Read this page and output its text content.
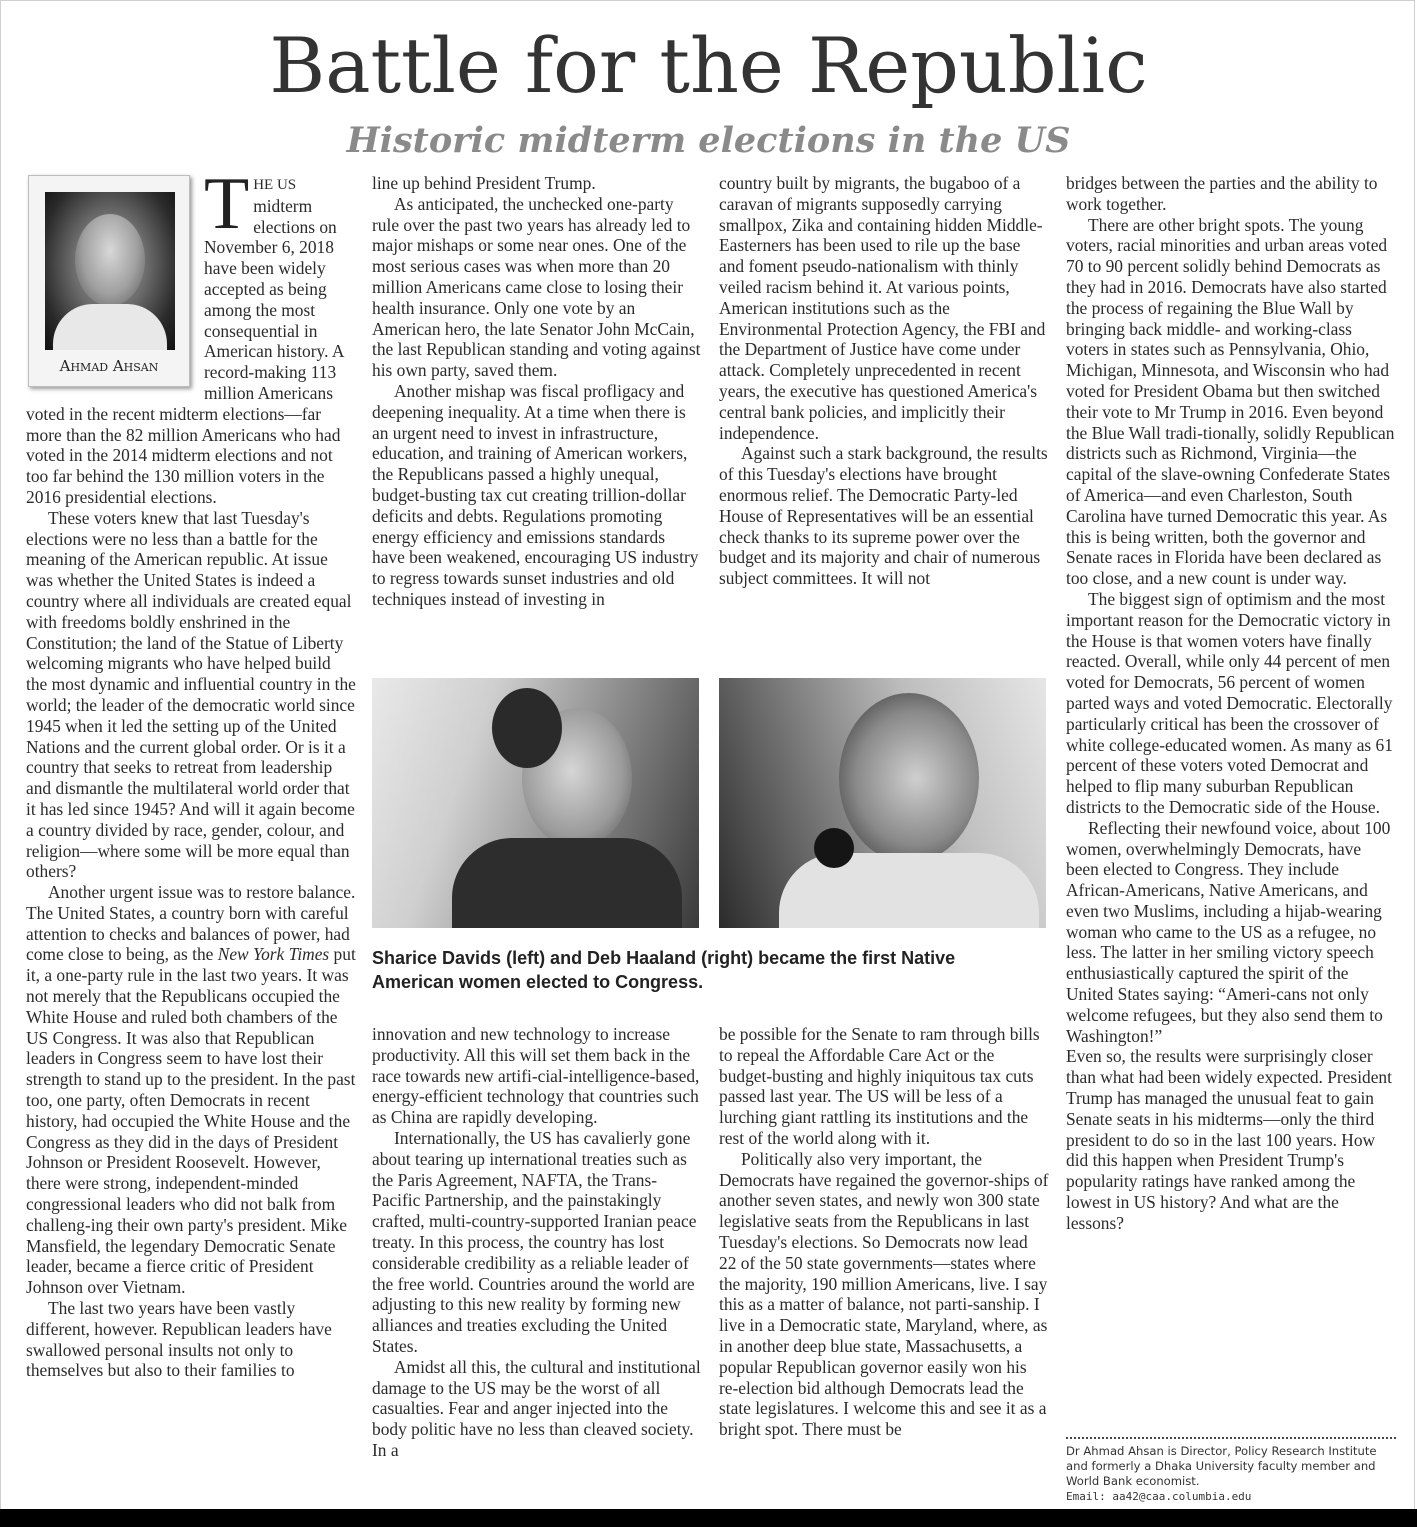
Battle for the Republic
Historic midterm elections in the US
Ahmad Ahsan

THE US midterm elections on November 6, 2018 have been widely accepted as being among the most consequential in American history. A record-making 113 million Americans voted in the recent midterm elections—far more than the 82 million Americans who had voted in the 2014 midterm elections and not too far behind the 130 million voters in the 2016 presidential elections.

These voters knew that last Tuesday's elections were no less than a battle for the meaning of the American republic. At issue was whether the United States is indeed a country where all individuals are created equal with freedoms boldly enshrined in the Constitution; the land of the Statue of Liberty welcoming migrants who have helped build the most dynamic and influential country in the world; the leader of the democratic world since 1945 when it led the setting up of the United Nations and the current global order. Or is it a country that seeks to retreat from leadership and dismantle the multilateral world order that it has led since 1945? And will it again become a country divided by race, gender, colour, and religion—where some will be more equal than others?

Another urgent issue was to restore balance. The United States, a country born with careful attention to checks and balances of power, had come close to being, as the New York Times put it, a one-party rule in the last two years. It was not merely that the Republicans occupied the White House and ruled both chambers of the US Congress. It was also that Republican leaders in Congress seem to have lost their strength to stand up to the president. In the past too, one party, often Democrats in recent history, had occupied the White House and the Congress as they did in the days of President Johnson or President Roosevelt. However, there were strong, independent-minded congressional leaders who did not balk from challeng-ing their own party's president. Mike Mansfield, the legendary Democratic Senate leader, became a fierce critic of President Johnson over Vietnam.

The last two years have been vastly different, however. Republican leaders have swallowed personal insults not only to themselves but also to their families to

line up behind President Trump.

As anticipated, the unchecked one-party rule over the past two years has already led to major mishaps or some near ones. One of the most serious cases was when more than 20 million Americans came close to losing their health insurance. Only one vote by an American hero, the late Senator John McCain, the last Republican standing and voting against his own party, saved them.

Another mishap was fiscal profligacy and deepening inequality. At a time when there is an urgent need to invest in infrastructure, education, and training of American workers, the Republicans passed a highly unequal, budget-busting tax cut creating trillion-dollar deficits and debts. Regulations promoting energy efficiency and emissions standards have been weakened, encouraging US industry to regress towards sunset industries and old techniques instead of investing in

country built by migrants, the bugaboo of a caravan of migrants supposedly carrying smallpox, Zika and containing hidden Middle-Easterners has been used to rile up the base and foment pseudo-nationalism with thinly veiled racism behind it. At various points, American institutions such as the Environmental Protection Agency, the FBI and the Department of Justice have come under attack. Completely unprecedented in recent years, the executive has questioned America's central bank policies, and implicitly their independence.

Against such a stark background, the results of this Tuesday's elections have brought enormous relief. The Democratic Party-led House of Representatives will be an essential check thanks to its supreme power over the budget and its majority and chair of numerous subject committees. It will not

Sharice Davids (left) and Deb Haaland (right) became the first Native American women elected to Congress.

innovation and new technology to increase productivity. All this will set them back in the race towards new artifi-cial-intelligence-based, energy-efficient technology that countries such as China are rapidly developing.

Internationally, the US has cavalierly gone about tearing up international treaties such as the Paris Agreement, NAFTA, the Trans-Pacific Partnership, and the painstakingly crafted, multi-country-supported Iranian peace treaty. In this process, the country has lost considerable credibility as a reliable leader of the free world. Countries around the world are adjusting to this new reality by forming new alliances and treaties excluding the United States.

Amidst all this, the cultural and institutional damage to the US may be the worst of all casualties. Fear and anger injected into the body politic have no less than cleaved society. In a

be possible for the Senate to ram through bills to repeal the Affordable Care Act or the budget-busting and highly iniquitous tax cuts passed last year. The US will be less of a lurching giant rattling its institutions and the rest of the world along with it.

Politically also very important, the Democrats have regained the governor-ships of another seven states, and newly won 300 state legislative seats from the Republicans in last Tuesday's elections. So Democrats now lead 22 of the 50 state governments—states where the majority, 190 million Americans, live. I say this as a matter of balance, not parti-sanship. I live in a Democratic state, Maryland, where, as in another deep blue state, Massachusetts, a popular Republican governor easily won his re-election bid although Democrats lead the state legislatures. I welcome this and see it as a bright spot. There must be

bridges between the parties and the ability to work together.

There are other bright spots. The young voters, racial minorities and urban areas voted 70 to 90 percent solidly behind Democrats as they had in 2016. Democrats have also started the process of regaining the Blue Wall by bringing back middle- and working-class voters in states such as Pennsylvania, Ohio, Michigan, Minnesota, and Wisconsin who had voted for President Obama but then switched their vote to Mr Trump in 2016. Even beyond the Blue Wall tradi-tionally, solidly Republican districts such as Richmond, Virginia—the capital of the slave-owning Confederate States of America—and even Charleston, South Carolina have turned Democratic this year. As this is being written, both the governor and Senate races in Florida have been declared as too close, and a new count is under way.

The biggest sign of optimism and the most important reason for the Democratic victory in the House is that women voters have finally reacted. Overall, while only 44 percent of men voted for Democrats, 56 percent of women parted ways and voted Democratic. Electorally particularly critical has been the crossover of white college-educated women. As many as 61 percent of these voters voted Democrat and helped to flip many suburban Republican districts to the Democratic side of the House.

Reflecting their newfound voice, about 100 women, overwhelmingly Democrats, have been elected to Congress. They include African-Americans, Native Americans, and even two Muslims, including a hijab-wearing woman who came to the US as a refugee, no less. The latter in her smiling victory speech enthusiastically captured the spirit of the United States saying: “Ameri-cans not only welcome refugees, but they also send them to Washington!”

Even so, the results were surprisingly closer than what had been widely expected. President Trump has managed the unusual feat to gain Senate seats in his midterms—only the third president to do so in the last 100 years. How did this happen when President Trump's popularity ratings have ranked among the lowest in US history? And what are the lessons?

Dr Ahmad Ahsan is Director, Policy Research Institute and formerly a Dhaka University faculty member and World Bank economist.
Email: aa42@caa.columbia.edu
